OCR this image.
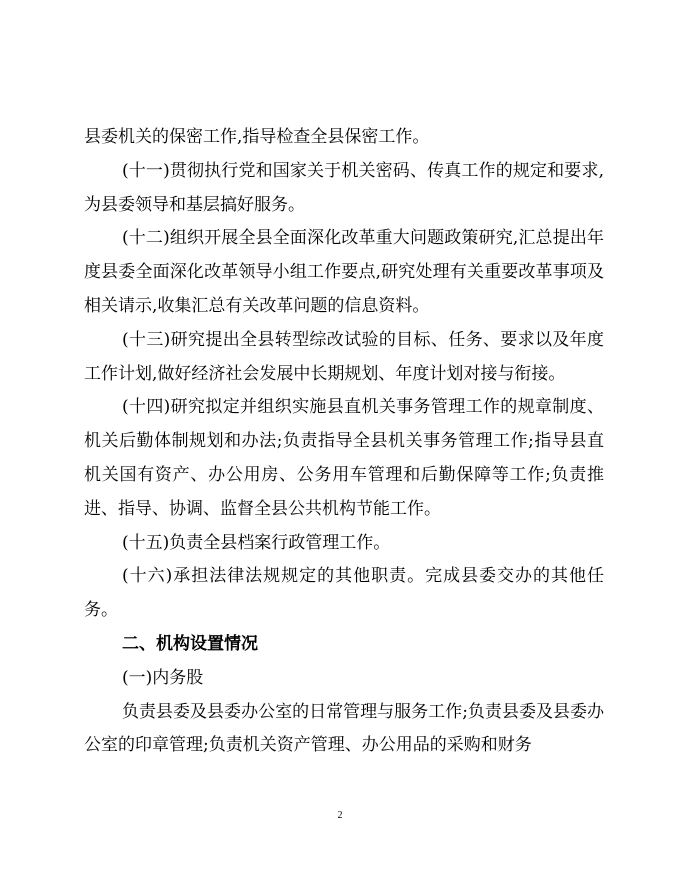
县委机关的保密工作,指导检查全县保密工作。

(十一)贯彻执行党和国家关于机关密码、传真工作的规定和要求,为县委领导和基层搞好服务。

(十二)组织开展全县全面深化改革重大问题政策研究,汇总提出年度县委全面深化改革领导小组工作要点,研究处理有关重要改革事项及相关请示,收集汇总有关改革问题的信息资料。

(十三)研究提出全县转型综改试验的目标、任务、要求以及年度工作计划,做好经济社会发展中长期规划、年度计划对接与衔接。

(十四)研究拟定并组织实施县直机关事务管理工作的规章制度、机关后勤体制规划和办法;负责指导全县机关事务管理工作;指导县直机关国有资产、办公用房、公务用车管理和后勤保障等工作;负责推进、指导、协调、监督全县公共机构节能工作。

(十五)负责全县档案行政管理工作。

(十六)承担法律法规规定的其他职责。完成县委交办的其他任务。

二、机构设置情况

(一)内务股

负责县委及县委办公室的日常管理与服务工作;负责县委及县委办公室的印章管理;负责机关资产管理、办公用品的采购和财务

2
